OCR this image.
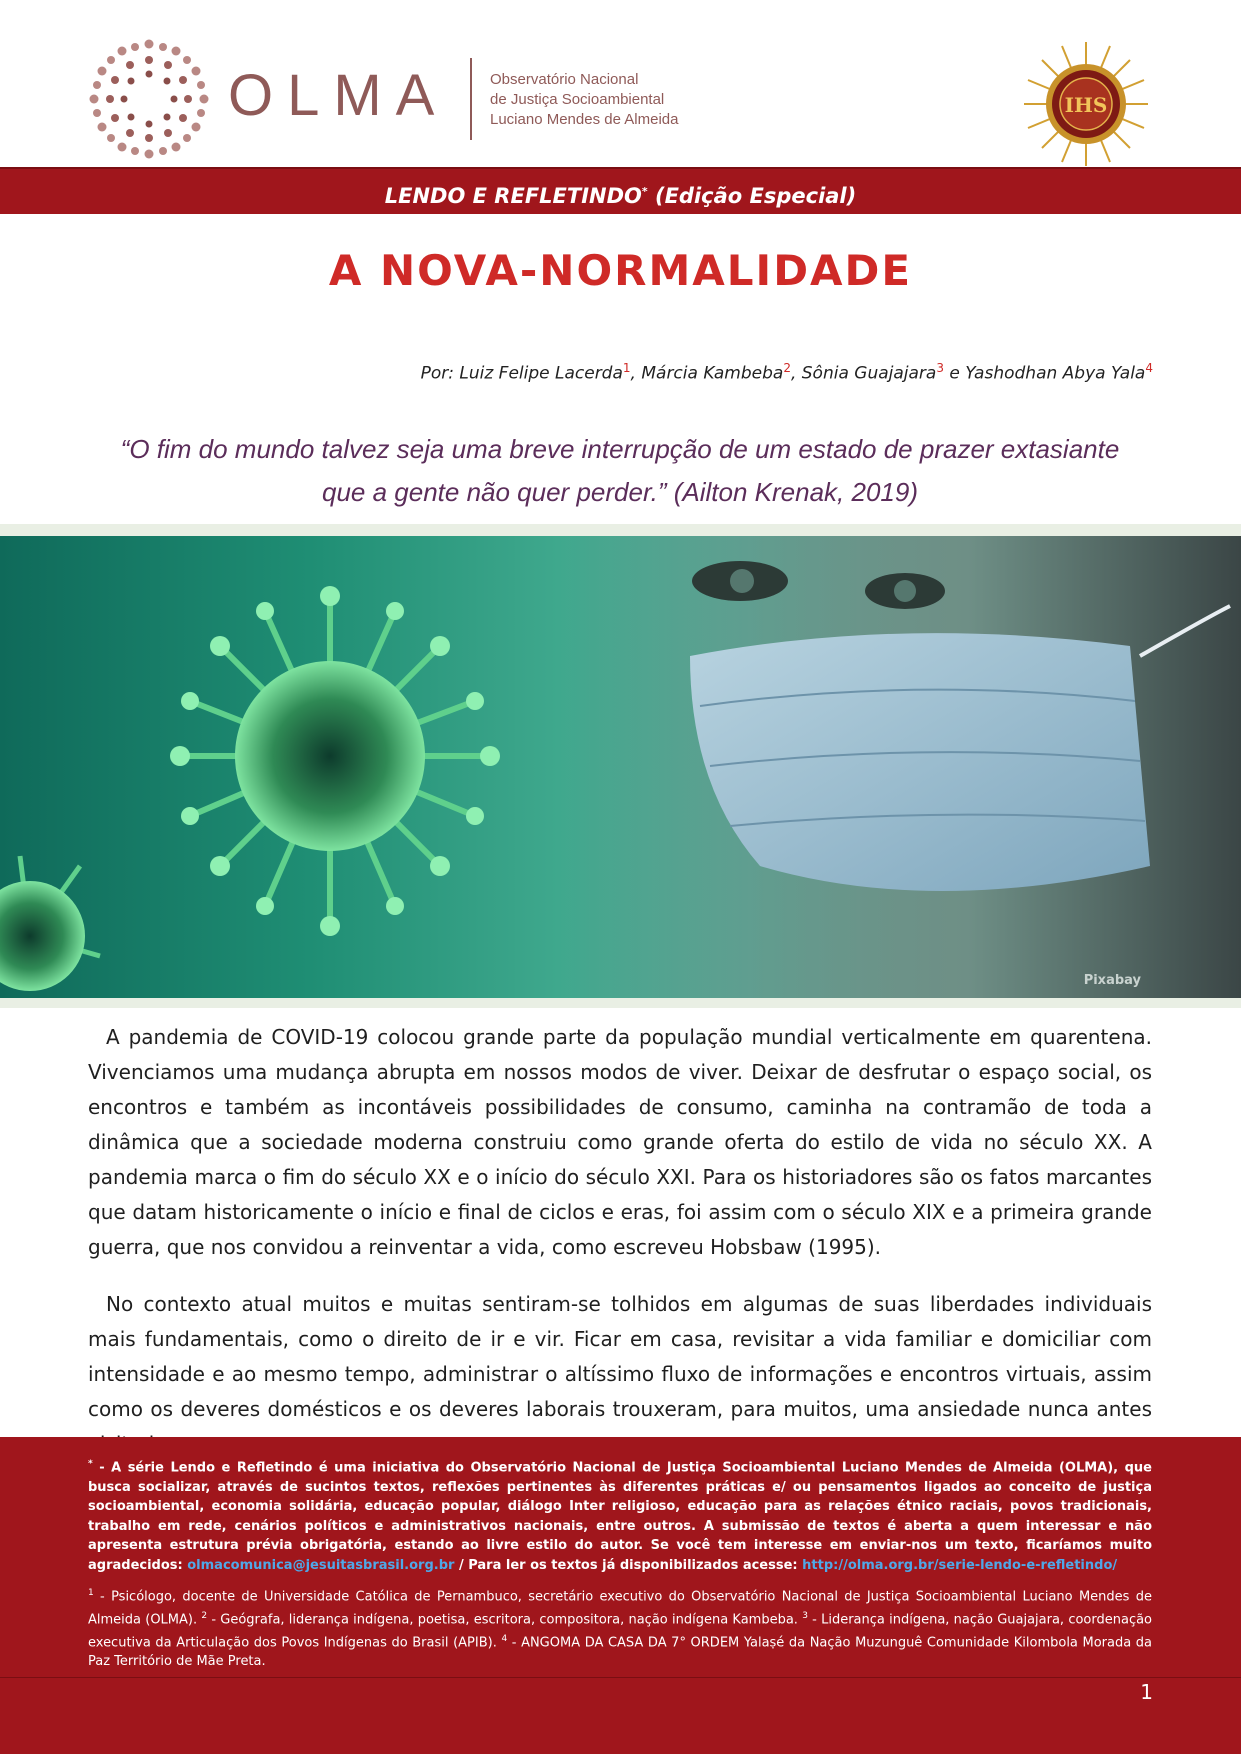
OLMA	Observatório Nacional
de Justiça Socioambiental
Luciano Mendes de Almeida
IHS
LENDO E REFLETINDO* (Edição Especial)
A NOVA-NORMALIDADE
Por: Luiz Felipe Lacerda$^1$, Márcia Kambeba$^2$, Sônia Guajajara$^3$ e Yashodhan Abya Yala$^4$
“O fim do mundo talvez seja uma breve interrupção de um estado de prazer extasiante que a gente não quer perder.” (Ailton Krenak, 2019)
Pixabay

A pandemia de COVID-19 colocou grande parte da população mundial verticalmente em quarentena. Vivenciamos uma mudança abrupta em nossos modos de viver. Deixar de desfrutar o espaço social, os encontros e também as incontáveis possibilidades de consumo, caminha na contramão de toda a dinâmica que a sociedade moderna construiu como grande oferta do estilo de vida no século XX. A pandemia marca o fim do século XX e o início do século XXI. Para os historiadores são os fatos marcantes que datam historicamente o início e final de ciclos e eras, foi assim com o século XIX e a primeira grande guerra, que nos convidou a reinventar a vida, como escreveu Hobsbaw (1995).

No contexto atual muitos e muitas sentiram-se tolhidos em algumas de suas liberdades individuais mais fundamentais, como o direito de ir e vir. Ficar em casa, revisitar a vida familiar e domiciliar com intensidade e ao mesmo tempo, administrar o altíssimo fluxo de informações e encontros virtuais, assim como os deveres domésticos e os deveres laborais trouxeram, para muitos, uma ansiedade nunca antes

* - A série Lendo e Refletindo é uma iniciativa do Observatório Nacional de Justiça Socioambiental Luciano Mendes de Almeida (OLMA), que busca socializar, através de sucintos textos, reflexões pertinentes às diferentes práticas e/ ou pensamentos ligados ao conceito de justiça socioambiental, economia solidária, educação popular, diálogo Inter religioso, educação para as relações étnico raciais, povos tradicionais, trabalho em rede, cenários políticos e administrativos nacionais, entre outros. A submissão de textos é aberta a quem interessar e não apresenta estrutura prévia obrigatória, estando ao livre estilo do autor. Se você tem interesse em enviar-nos um texto, ficaríamos muito agradecidos: olmacomunica@jesuitasbrasil.org.br / Para ler os textos já disponibilizados acesse: http://olma.org.br/serie-lendo-e-refletindo/
$^1$ - Psicólogo, docente de Universidade Católica de Pernambuco, secretário executivo do Observatório Nacional de Justiça Socioambiental Luciano Mendes de Almeida (OLMA). $^2$ - Geógrafa, liderança indígena, poetisa, escritora, compositora, nação indígena Kambeba. $^3$ - Liderança indígena, nação Guajajara, coordenação executiva da Articulação dos Povos Indígenas do Brasil (APIB). $^4$ - ANGOMA DA CASA DA 7° ORDEM Yalaṣé da Nação Muzunguê Comunidade Kilombola Morada da Paz Território de Mãe Preta.
1
